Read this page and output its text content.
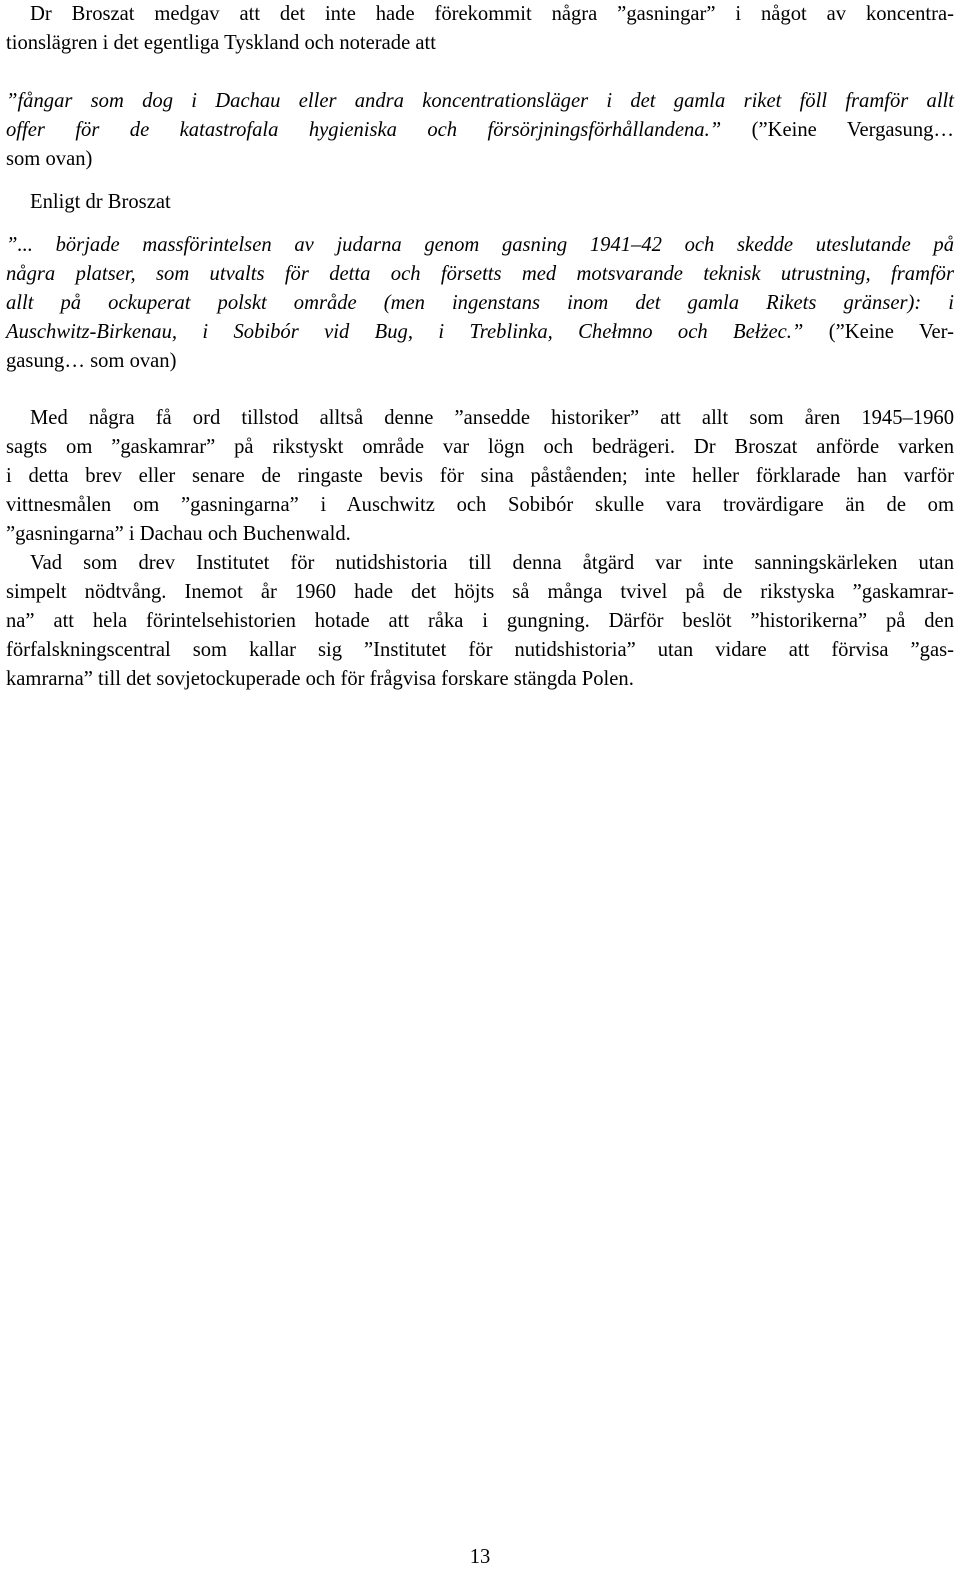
Dr Broszat medgav att det inte hade förekommit några ”gasningar” i något av koncentra-
tionslägren i det egentliga Tyskland och noterade att
”fångar som dog i Dachau eller andra koncentrationsläger i det gamla riket föll framför allt
offer för de katastrofala hygieniska och försörjningsförhållandena.” (”Keine Vergasung…
som ovan)
Enligt dr Broszat
”... började massförintelsen av judarna genom gasning 1941–42 och skedde uteslutande på
några platser, som utvalts för detta och försetts med motsvarande teknisk utrustning, framför
allt på ockuperat polskt område (men ingenstans inom det gamla Rikets gränser): i
Auschwitz-Birkenau, i Sobibór vid Bug, i Treblinka, Chełmno och Bełżec.” (”Keine Ver-
gasung… som ovan)
Med några få ord tillstod alltså denne ”ansedde historiker” att allt som åren 1945–1960
sagts om ”gaskamrar” på rikstyskt område var lögn och bedrägeri. Dr Broszat anförde varken
i detta brev eller senare de ringaste bevis för sina påståenden; inte heller förklarade han varför
vittnesmålen om ”gasningarna” i Auschwitz och Sobibór skulle vara trovärdigare än de om
”gasningarna” i Dachau och Buchenwald.
Vad som drev Institutet för nutidshistoria till denna åtgärd var inte sanningskärleken utan
simpelt nödtvång. Inemot år 1960 hade det höjts så många tvivel på de rikstyska ”gaskamrar-
na” att hela förintelsehistorien hotade att råka i gungning. Därför beslöt ”historikerna” på den
förfalskningscentral som kallar sig ”Institutet för nutidshistoria” utan vidare att förvisa ”gas-
kamrarna” till det sovjetockuperade och för frågvisa forskare stängda Polen.
13
